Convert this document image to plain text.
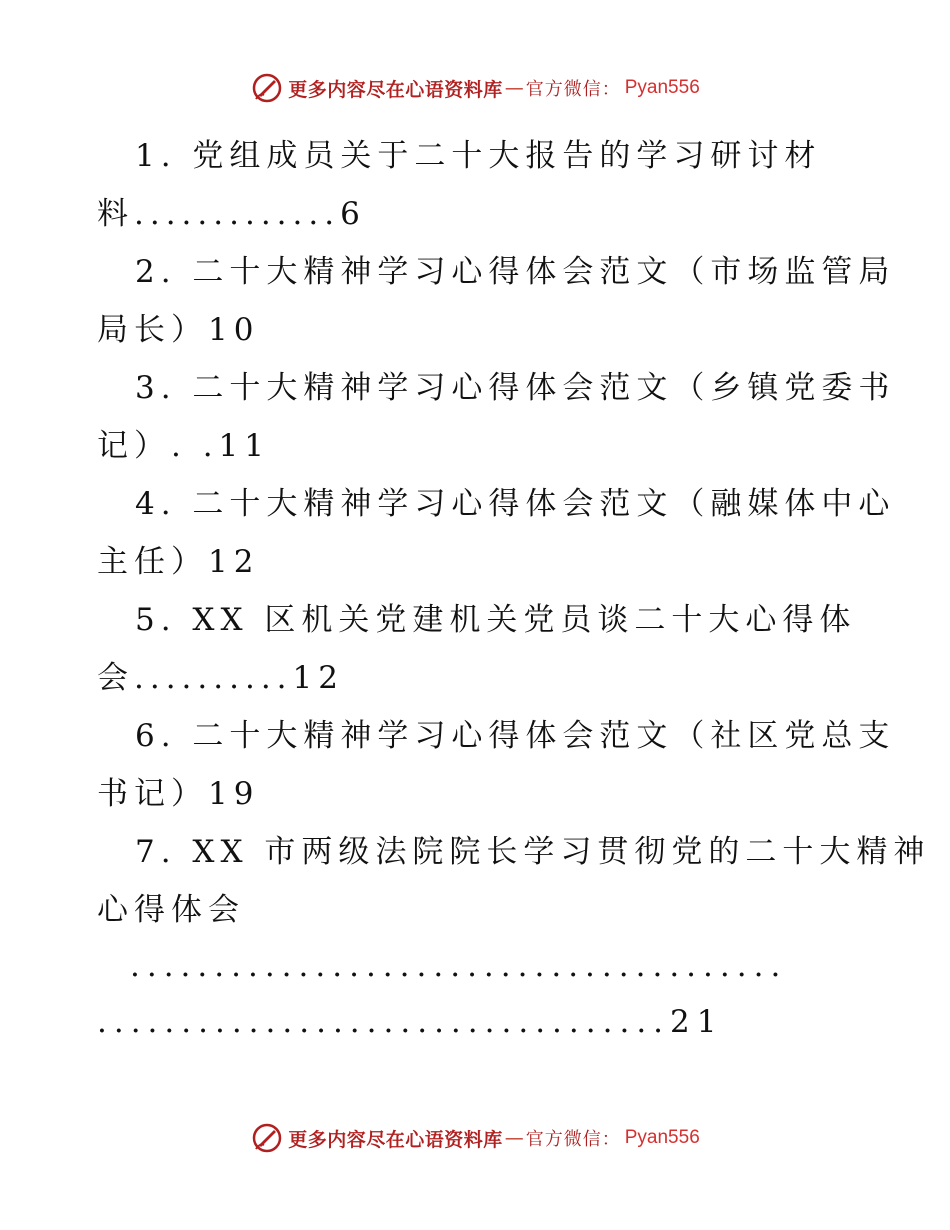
更多内容尽在心语资料库 — 官方微信： Pyan556
1. 党组成员关于二十大报告的学习研讨材
料.............6
2. 二十大精神学习心得体会范文（市场监管局
局长）10
3. 二十大精神学习心得体会范文（乡镇党委书
记）. .11
4. 二十大精神学习心得体会范文（融媒体中心
主任）12
5. XX 区机关党建机关党员谈二十大心得体
会..........12
6. 二十大精神学习心得体会范文（社区党总支
书记）19
7. XX 市两级法院院长学习贯彻党的二十大精神
心得体会
.......................................
..................................21
更多内容尽在心语资料库 — 官方微信： Pyan556
